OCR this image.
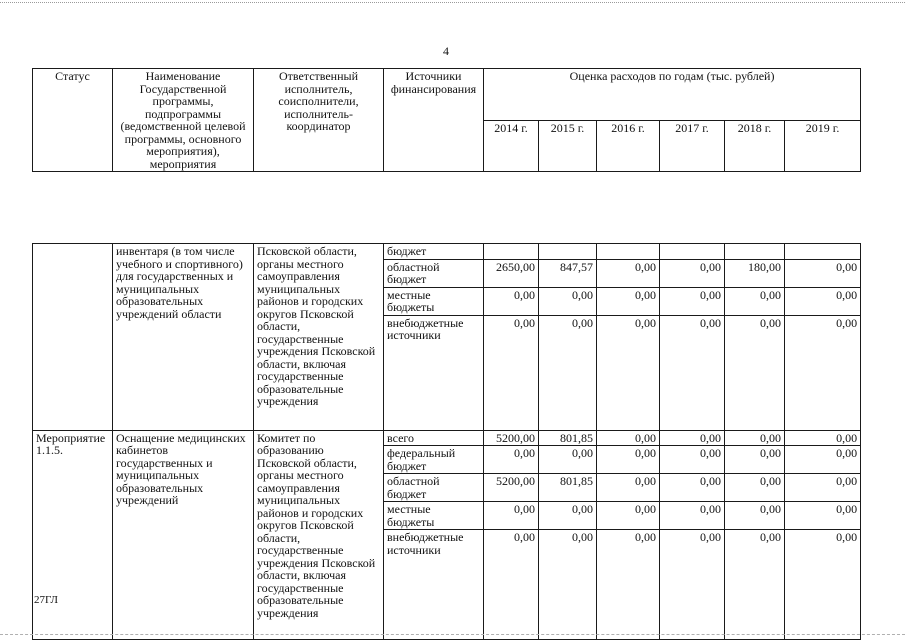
4
Статус	Наименование Государственной программы, подпрограммы (ведомственной целевой программы, основного мероприятия), мероприятия	Ответственный исполнитель, соисполнители, исполнитель-координатор	Источники финансирования	Оценка расходов по годам (тыс. рублей)					
				2014 г.	2015 г.	2016 г.	2017 г.	2018 г.	2019 г.

	инвентаря (в том числе учебного и спортивного) для государственных и муниципальных образовательных учреждений области	Псковской области, органы местного самоуправления муниципальных районов и городских округов Псковской области, государственные учреждения Псковской области, включая государственные образовательные учреждения	бюджет						
			областной бюджет	2650,00	847,57	0,00	0,00	180,00	0,00
			местные бюджеты	0,00	0,00	0,00	0,00	0,00	0,00
			внебюджетные источники	0,00	0,00	0,00	0,00	0,00	0,00
Мероприятие 1.1.5.	Оснащение медицинских кабинетов государственных и муниципальных образовательных учреждений	Комитет по образованию Псковской области, органы местного самоуправления муниципальных районов и городских округов Псковской области, государственные учреждения Псковской области, включая государственные образовательные учреждения	всего	5200,00	801,85	0,00	0,00	0,00	0,00
			федеральный бюджет	0,00	0,00	0,00	0,00	0,00	0,00
			областной бюджет	5200,00	801,85	0,00	0,00	0,00	0,00
			местные бюджеты	0,00	0,00	0,00	0,00	0,00	0,00
			внебюджетные источники	0,00	0,00	0,00	0,00	0,00	0,00
27ГЛ
